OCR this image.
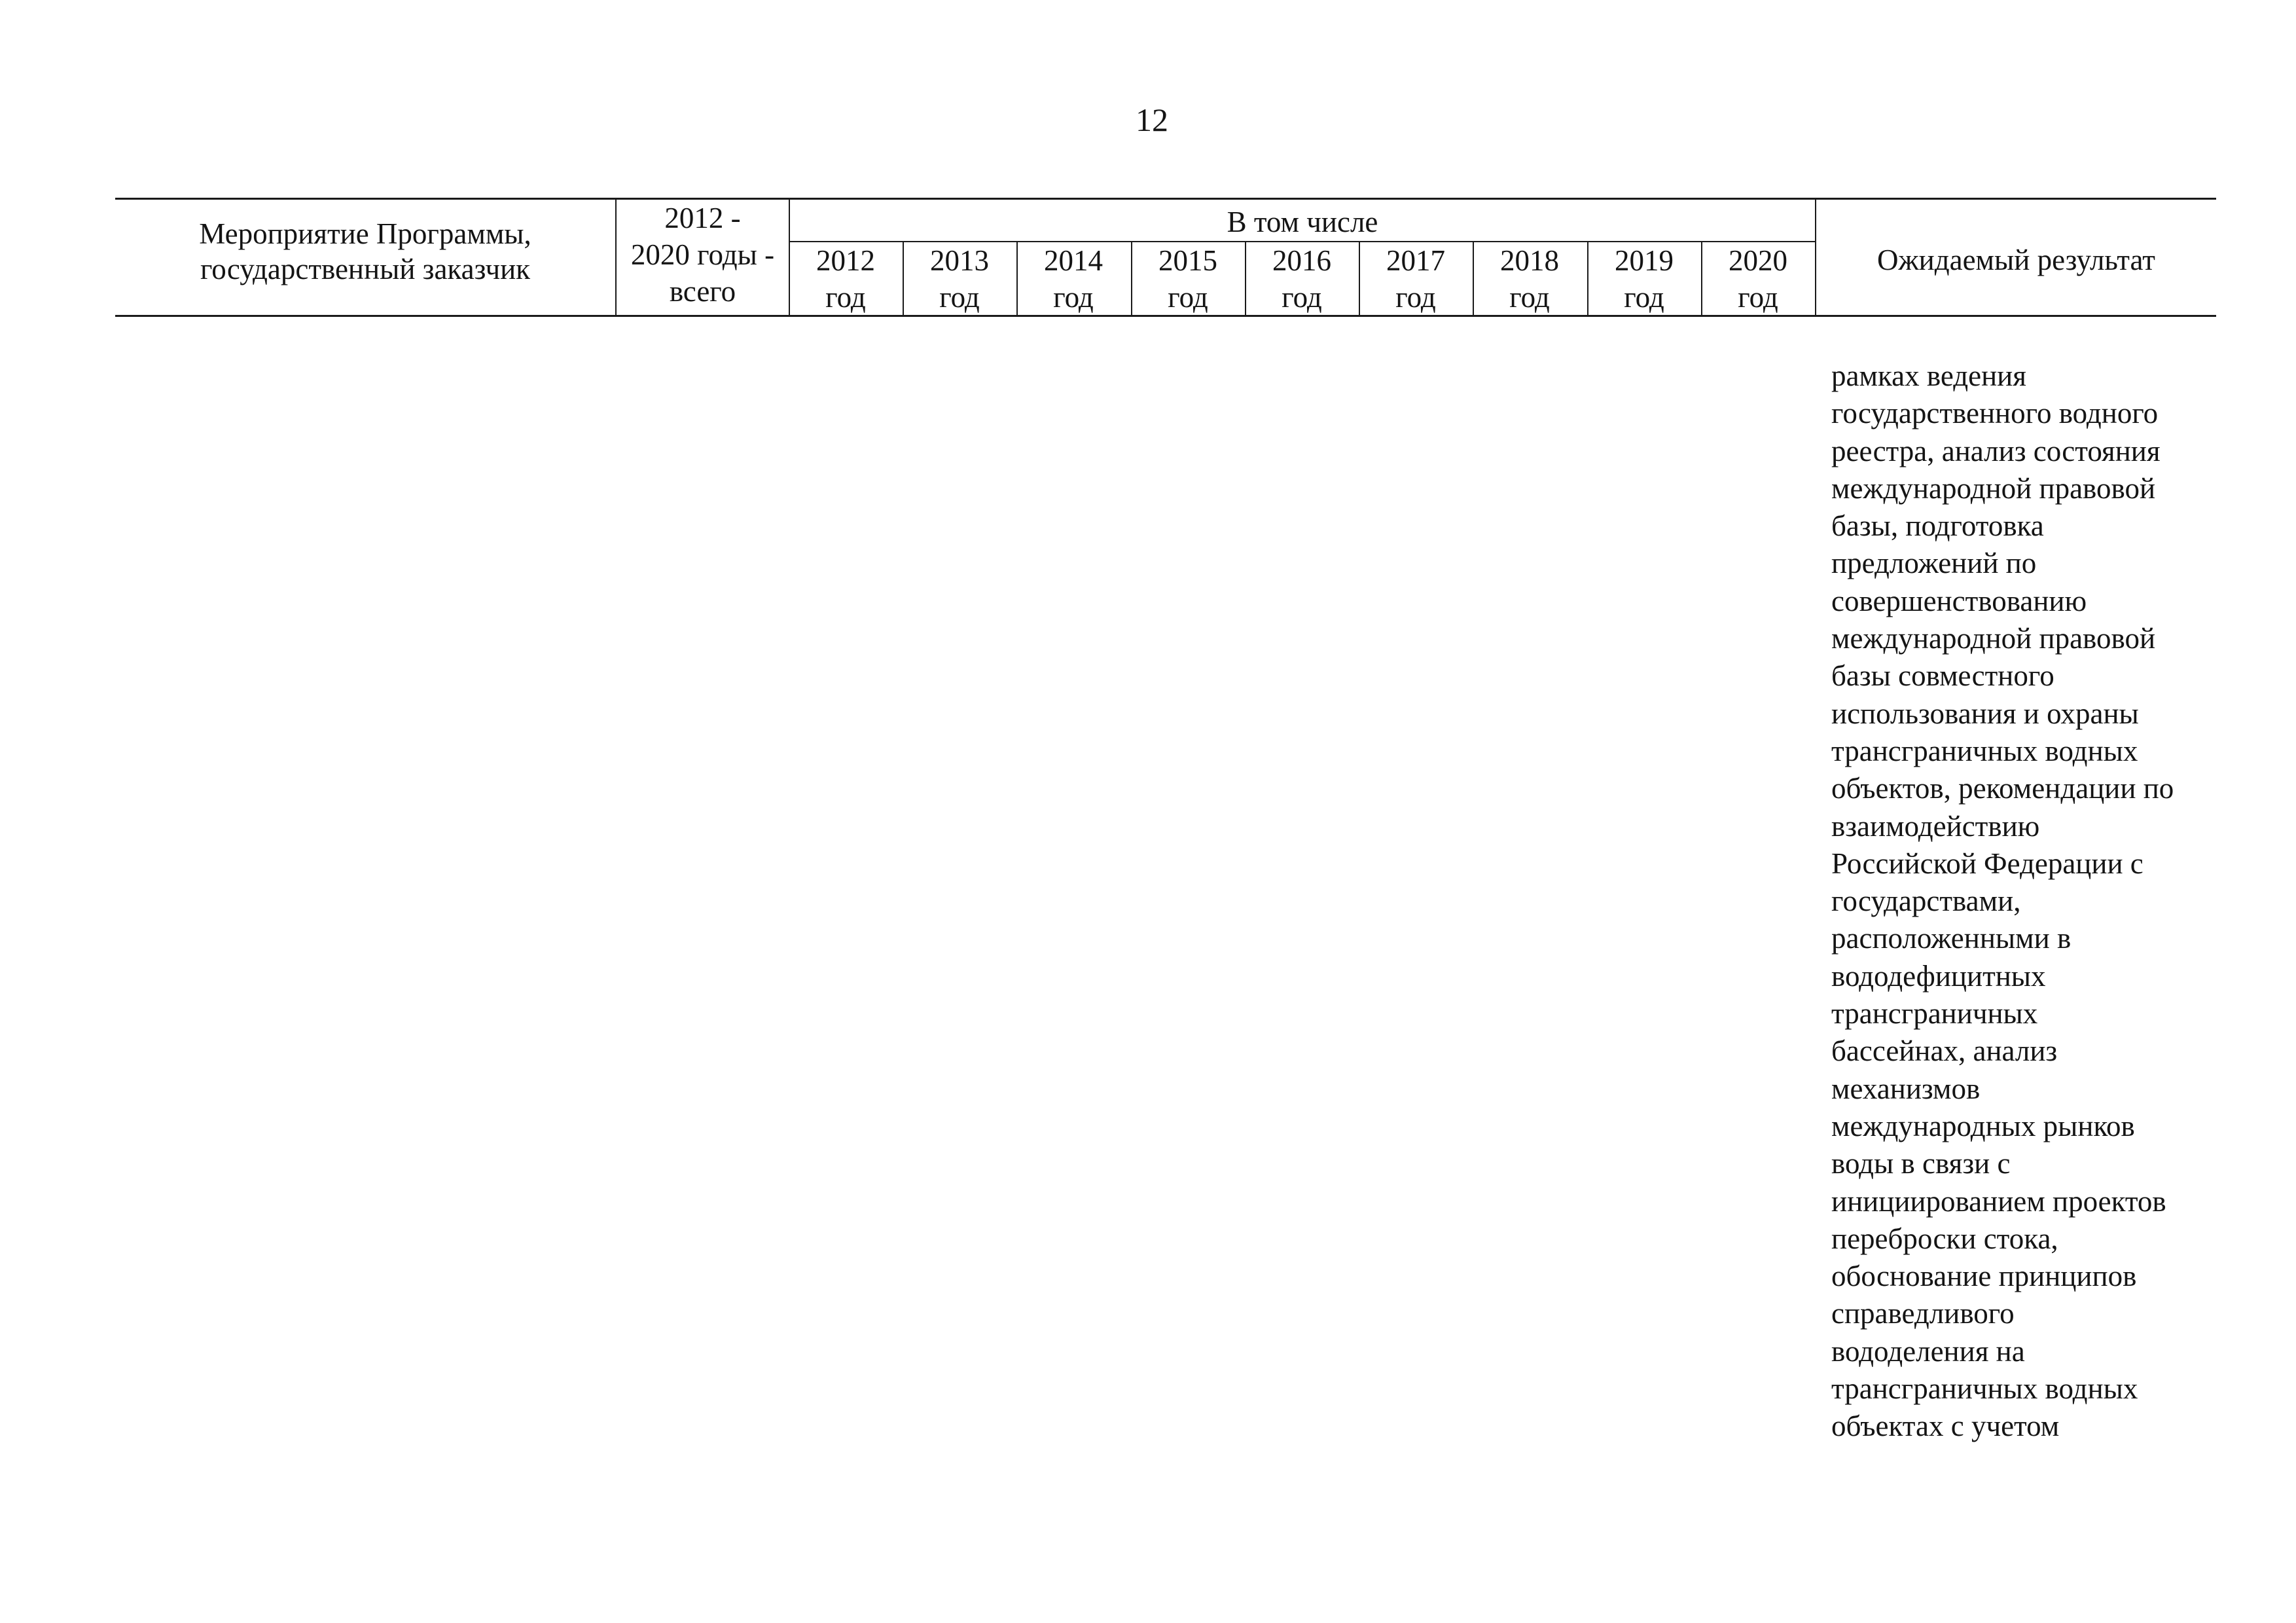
12
Мероприятие Программы,
государственный заказчик
2012 -
2020 годы -
всего
В том числе
2012
год
2013
год
2014
год
2015
год
2016
год
2017
год
2018
год
2019
год
2020
год
Ожидаемый результат
рамках ведения
государственного водного
реестра, анализ состояния
международной правовой
базы, подготовка
предложений по
совершенствованию
международной правовой
базы совместного
использования и охраны
трансграничных водных
объектов, рекомендации по
взаимодействию
Российской Федерации с
государствами,
расположенными в
вододефицитных
трансграничных
бассейнах, анализ
механизмов
международных рынков
воды в связи с
инициированием проектов
переброски стока,
обоснование принципов
справедливого
вододеления на
трансграничных водных
объектах с учетом
